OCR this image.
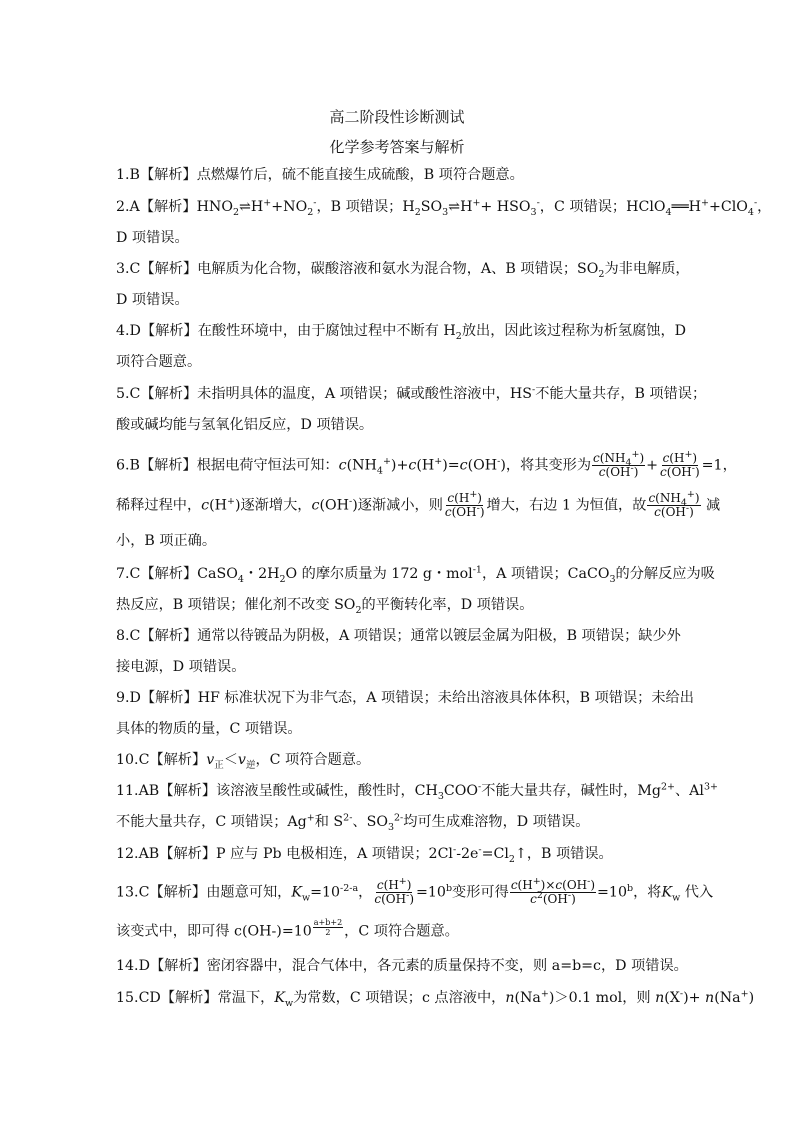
高二阶段性诊断测试
化学参考答案与解析
1.B【解析】点燃爆竹后，硫不能直接生成硫酸，B 项符合题意。
2.A【解析】$HNO_2\rightleftharpoons H^++NO_2^-$，B 项错误；$H_2SO_3\rightleftharpoons H^++ HSO_3^-$，C 项错误；HClO$_4$══H++ClO$_4$-，
D 项错误。
3.C【解析】电解质为化合物，碳酸溶液和氨水为混合物，A、B 项错误；$SO_2$为非电解质，
D 项错误。
4.D【解析】在酸性环境中，由于腐蚀过程中不断有 $H_2$放出，因此该过程称为析氢腐蚀，D
项符合题意。
5.C【解析】未指明具体的温度，A 项错误；碱或酸性溶液中，HS-不能大量共存，B 项错误；
酸或碱均能与氢氧化铝反应，D 项错误。
6.B【解析】根据电荷守恒法可知：$c(NH_4^+)+c(H^+)=c(OH^-)$，将其变形为 $\frac{c(NH_4^+)}{c(OH^-)} + \frac{c(H^+)}{c(OH^-)} =1$，
稀释过程中，c(H+)逐渐增大，c(OH-)逐渐减小，则 $\frac{c(H^+)}{c(OH^-)}$ 增大，右边 1 为恒值，故 $\frac{c(NH_4^+)}{c(OH^-)}$ 减
小，B 项正确。
7.C【解析】CaSO$_4$・$2H_2O$ 的摩尔质量为 172 g・mol$^{-1}$，A 项错误；CaCO$_3$的分解反应为吸
热反应，B 项错误；催化剂不改变 $SO_2$的平衡转化率，D 项错误。
8.C【解析】通常以待镀品为阴极，A 项错误；通常以镀层金属为阳极，B 项错误；缺少外
接电源，D 项错误。
9.D【解析】HF 标准状况下为非气态，A 项错误；未给出溶液具体体积，B 项错误；未给出
具体的物质的量，C 项错误。
10.C【解析】$v_正<v_逆$，C 项符合题意。
11.AB【解析】该溶液呈酸性或碱性，酸性时，$CH_3COO^-$不能大量共存，碱性时，$Mg^{2+}$、$Al^{3+}$
不能大量共存，C 项错误；Ag+和 $S^{2-}$、$SO_3^{2-}$均可生成难溶物，D 项错误。
12.AB【解析】P 应与 Pb 电极相连，A 项错误；$2Cl^--2e^-=Cl_2↑$，B 项错误。
13.C【解析】由题意可知，$K_w=10^{-2-a}$， $\frac{c(H^+)}{c(OH^-)} =10^b$变形可得 $\frac{c(H^+)\times c(OH^-)}{c^2(OH^-)} =10^b$，将$K_w$ 代入
该变式中，即可得 c(OH-)=10 $^{\frac{a+b+2}{2}}$ ，C 项符合题意。
14.D【解析】密闭容器中，混合气体中，各元素的质量保持不变，则 a=b=c，D 项错误。
15.CD【解析】常温下，$K_w$为常数，C 项错误；c 点溶液中，n(Na+)＞0.1 mol，则 n(X-)+ n(Na+)
